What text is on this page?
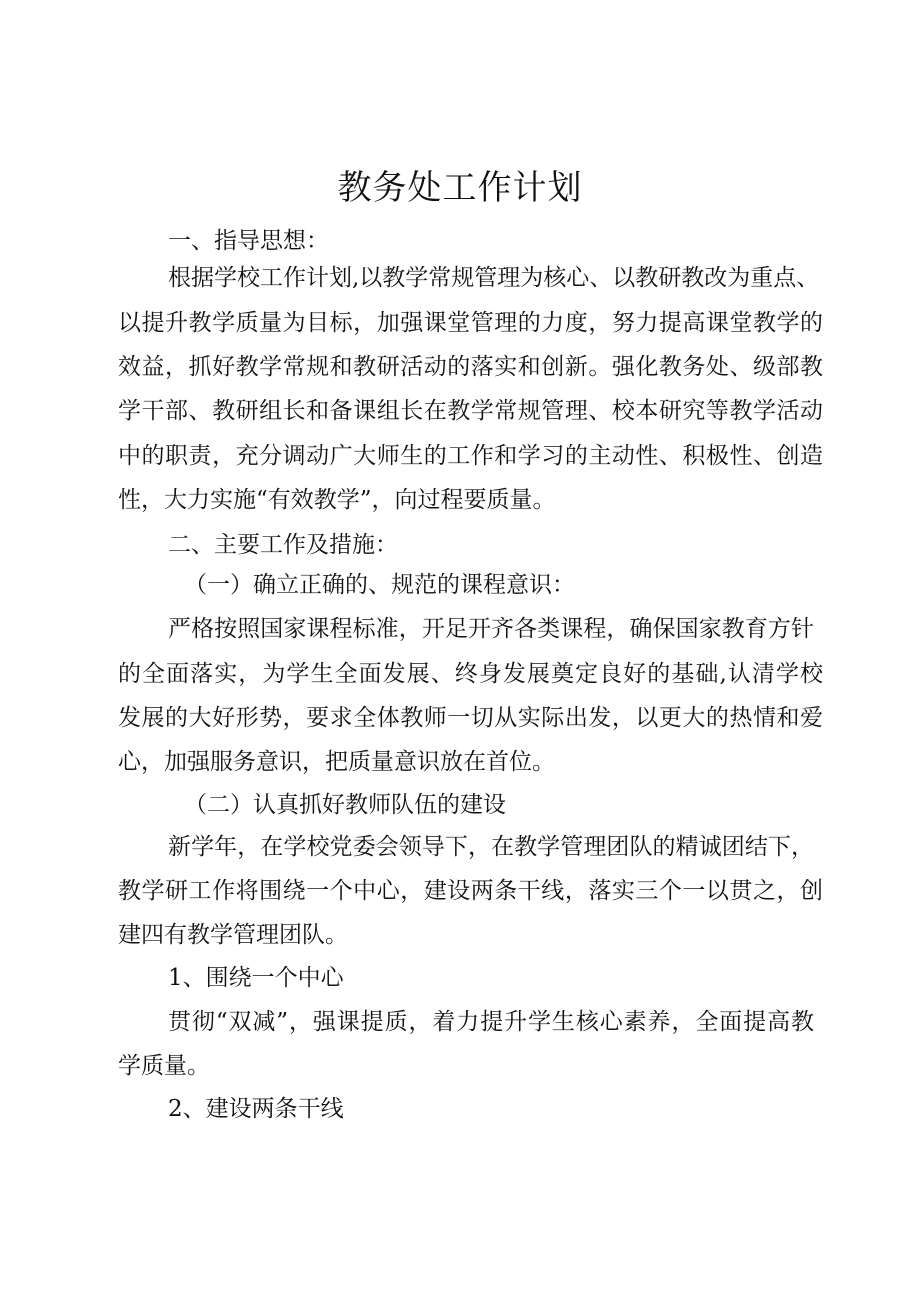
教务处工作计划
一、指导思想：
根据学校工作计划,以教学常规管理为核心、以教研教改为重点、
以提升教学质量为目标，加强课堂管理的力度，努力提高课堂教学的
效益，抓好教学常规和教研活动的落实和创新。强化教务处、级部教
学干部、教研组长和备课组长在教学常规管理、校本研究等教学活动
中的职责，充分调动广大师生的工作和学习的主动性、积极性、创造
性，大力实施“有效教学”，向过程要质量。
二、主要工作及措施：
（一）确立正确的、规范的课程意识：
严格按照国家课程标准，开足开齐各类课程，确保国家教育方针
的全面落实，为学生全面发展、终身发展奠定良好的基础,认清学校
发展的大好形势，要求全体教师一切从实际出发，以更大的热情和爱
心，加强服务意识，把质量意识放在首位。
（二）认真抓好教师队伍的建设
新学年，在学校党委会领导下，在教学管理团队的精诚团结下，
教学研工作将围绕一个中心，建设两条干线，落实三个一以贯之，创
建四有教学管理团队。
1、围绕一个中心
贯彻“双减”，强课提质，着力提升学生核心素养，全面提高教
学质量。
2、建设两条干线
